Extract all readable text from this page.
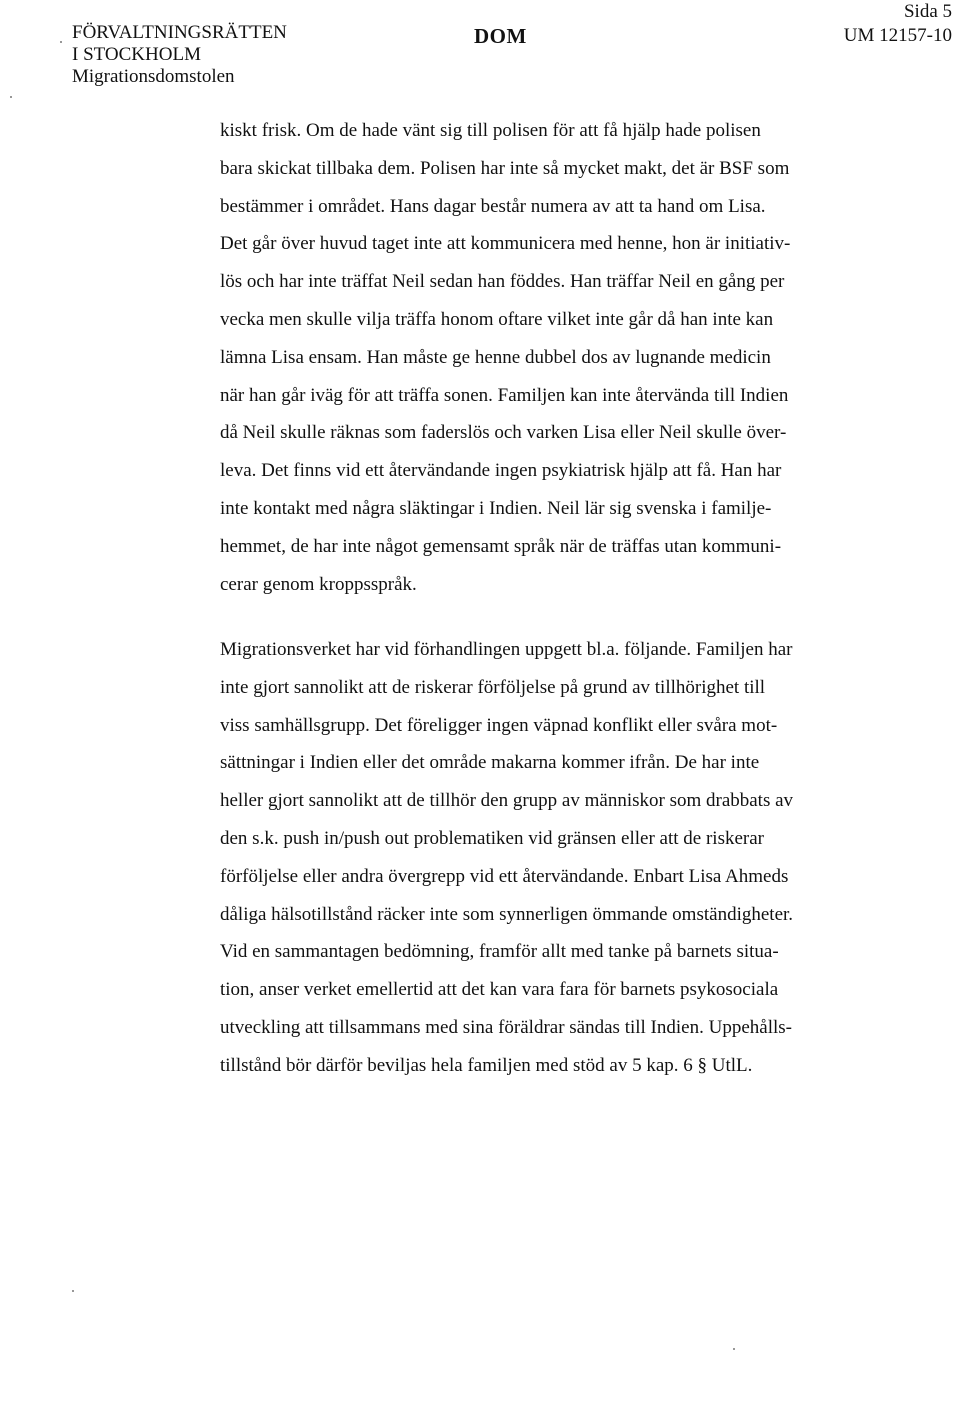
FÖRVALTNINGSRÄTTEN
I STOCKHOLM
Migrationsdomstolen
DOM
Sida 5
UM 12157-10
kiskt frisk. Om de hade vänt sig till polisen för att få hjälp hade polisen
bara skickat tillbaka dem. Polisen har inte så mycket makt, det är BSF som
bestämmer i området. Hans dagar består numera av att ta hand om Lisa.
Det går över huvud taget inte att kommunicera med henne, hon är initiativ-
lös och har inte träffat Neil sedan han föddes. Han träffar Neil en gång per
vecka men skulle vilja träffa honom oftare vilket inte går då han inte kan
lämna Lisa ensam. Han måste ge henne dubbel dos av lugnande medicin
när han går iväg för att träffa sonen. Familjen kan inte återvända till Indien
då Neil skulle räknas som faderslös och varken Lisa eller Neil skulle över-
leva. Det finns vid ett återvändande ingen psykiatrisk hjälp att få. Han har
inte kontakt med några släktingar i Indien. Neil lär sig svenska i familje-
hemmet, de har inte något gemensamt språk när de träffas utan kommuni-
cerar genom kroppsspråk.
Migrationsverket har vid förhandlingen uppgett bl.a. följande. Familjen har
inte gjort sannolikt att de riskerar förföljelse på grund av tillhörighet till
viss samhällsgrupp. Det föreligger ingen väpnad konflikt eller svåra mot-
sättningar i Indien eller det område makarna kommer ifrån. De har inte
heller gjort sannolikt att de tillhör den grupp av människor som drabbats av
den s.k. push in/push out problematiken vid gränsen eller att de riskerar
förföljelse eller andra övergrepp vid ett återvändande. Enbart Lisa Ahmeds
dåliga hälsotillstånd räcker inte som synnerligen ömmande omständigheter.
Vid en sammantagen bedömning, framför allt med tanke på barnets situa-
tion, anser verket emellertid att det kan vara fara för barnets psykosociala
utveckling att tillsammans med sina föräldrar sändas till Indien. Uppehålls-
tillstånd bör därför beviljas hela familjen med stöd av 5 kap. 6 § UtlL.
